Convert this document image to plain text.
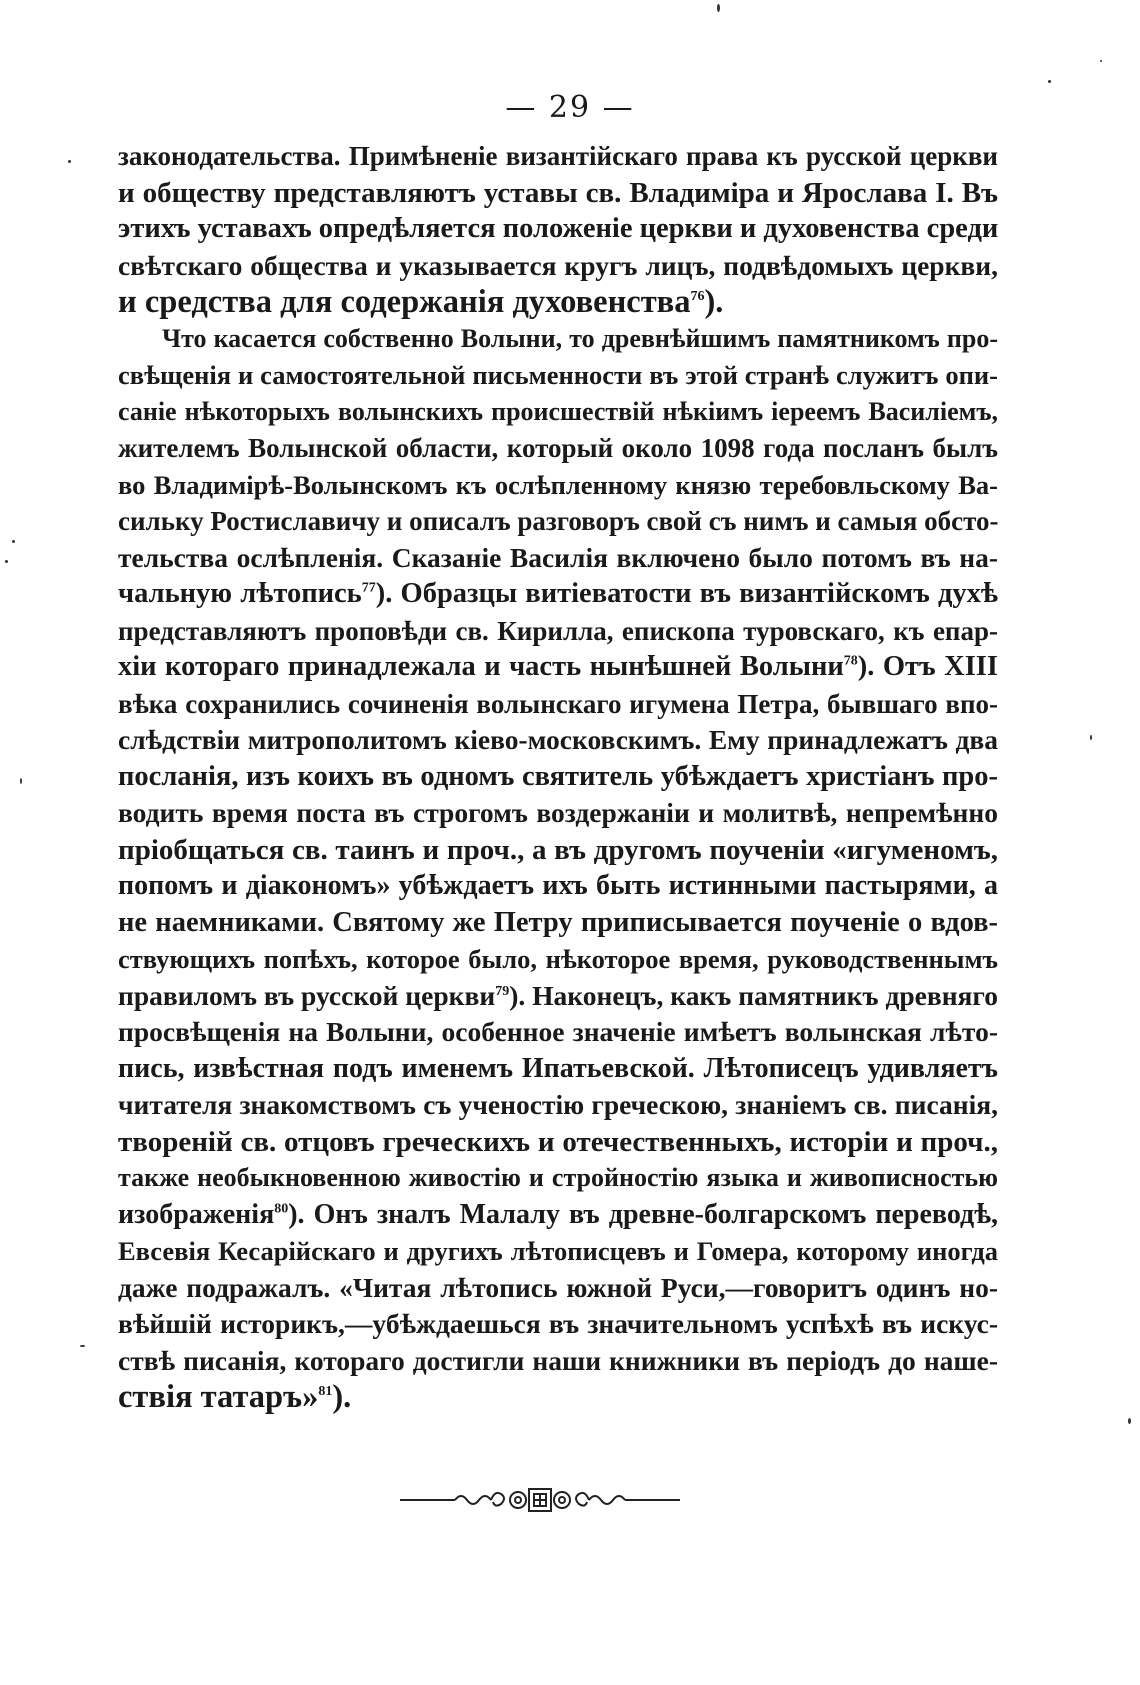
— 29 —
законодательства. Примѣненіе византійскаго права къ русской церкви
и обществу представляютъ уставы св. Владиміра и Ярослава I. Въ
этихъ уставахъ опредѣляется положеніе церкви и духовенства среди
свѣтскаго общества и указывается кругъ лицъ, подвѣдомыхъ церкви,
и средства для содержанія духовенства$^{76}$).
Что касается собственно Волыни, то древнѣйшимъ памятникомъ про-
свѣщенія и самостоятельной письменности въ этой странѣ служитъ опи-
саніе нѣкоторыхъ волынскихъ происшествій нѣкіимъ іереемъ Василіемъ,
жителемъ Волынской области, который около 1098 года посланъ былъ
во Владимірѣ-Волынскомъ къ ослѣпленному князю теребовльскому Ва-
сильку Ростиславичу и описалъ разговоръ свой съ нимъ и самыя обсто-
тельства ослѣпленія. Сказаніе Василія включено было потомъ въ на-
чальную лѣтопись$^{77}$). Образцы витіеватости въ византійскомъ духѣ
представляютъ проповѣди св. Кирилла, епископа туровскаго, къ епар-
хіи котораго принадлежала и часть нынѣшней Волыни$^{78}$). Отъ XIII
вѣка сохранились сочиненія волынскаго игумена Петра, бывшаго впо-
слѣдствіи митрополитомъ кіево-московскимъ. Ему принадлежатъ два
посланія, изъ коихъ въ одномъ святитель убѣждаетъ христіанъ про-
водить время поста въ строгомъ воздержаніи и молитвѣ, непремѣнно
пріобщаться св. таинъ и проч., а въ другомъ поученіи «игуменомъ,
попомъ и діакономъ» убѣждаетъ ихъ быть истинными пастырями, а
не наемниками. Святому же Петру приписывается поученіе о вдов-
ствующихъ попѣхъ, которое было, нѣкоторое время, руководственнымъ
правиломъ въ русской церкви$^{79}$). Наконецъ, какъ памятникъ древняго
просвѣщенія на Волыни, особенное значеніе имѣетъ волынская лѣто-
пись, извѣстная подъ именемъ Ипатьевской. Лѣтописецъ удивляетъ
читателя знакомствомъ съ ученостію греческою, знаніемъ св. писанія,
твореній св. отцовъ греческихъ и отечественныхъ, исторіи и проч.,
также необыкновенною живостію и стройностію языка и живописностью
изображенія$^{80}$). Онъ зналъ Малалу въ древне-болгарскомъ переводѣ,
Евсевія Кесарійскаго и другихъ лѣтописцевъ и Гомера, которому иногда
даже подражалъ. «Читая лѣтопись южной Руси,—говоритъ одинъ но-
вѣйшій историкъ,—убѣждаешься въ значительномъ успѣхѣ въ искус-
ствѣ писанія, котораго достигли наши книжники въ періодъ до наше-
ствія татаръ»$^{81}$).
